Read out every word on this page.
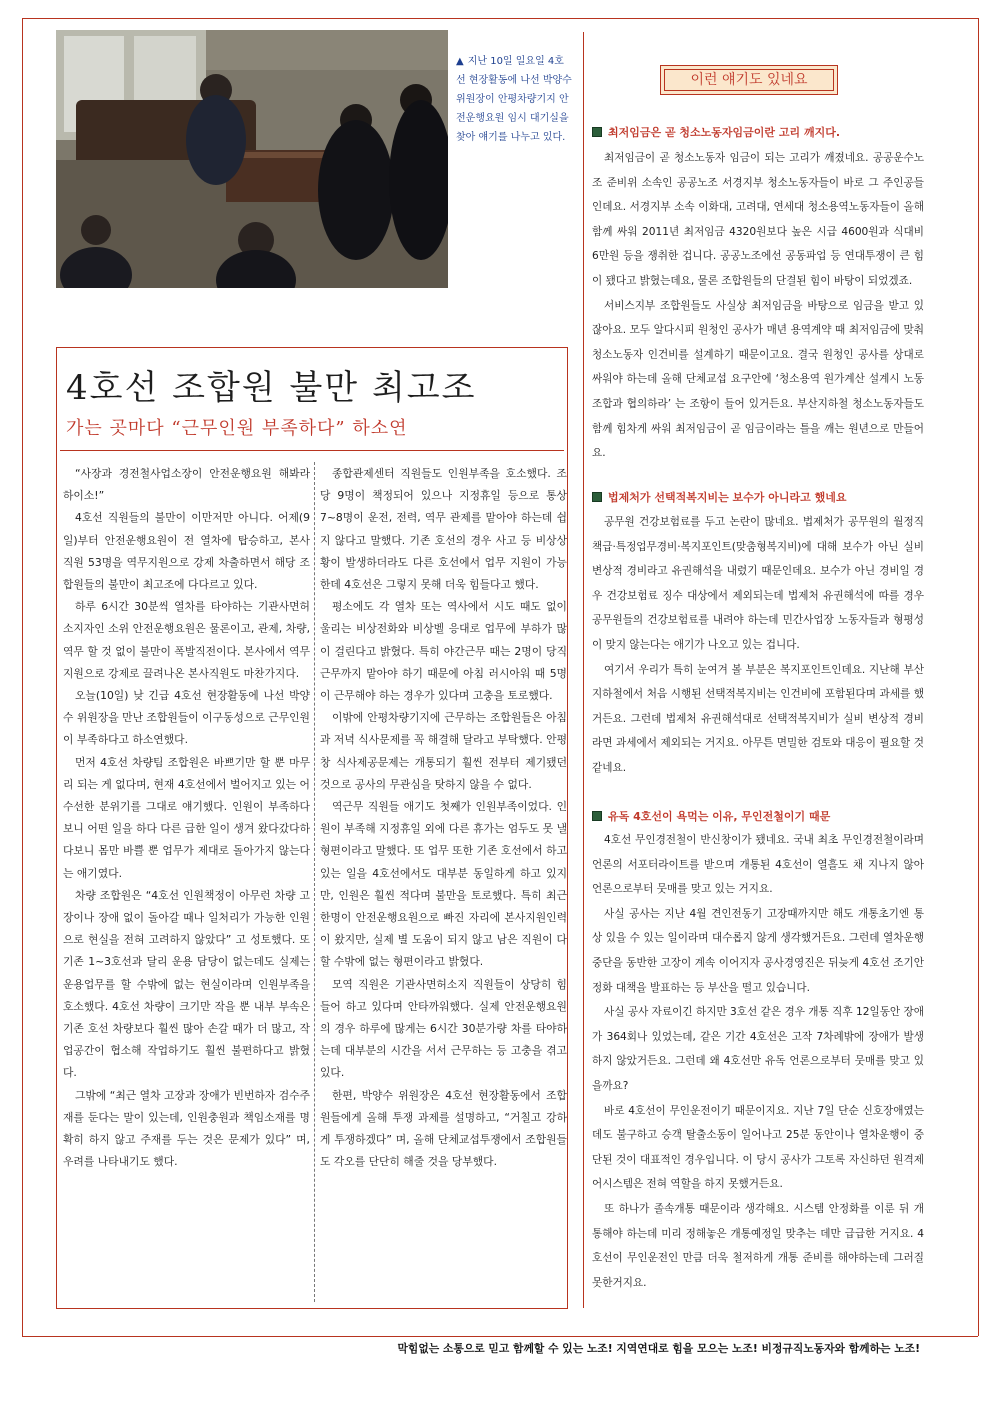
▲ 지난 10일 일요일 4호선 현장활동에 나선 박양수 위원장이 안평차량기지 안전운행요원 임시 대기실을 찾아 얘기를 나누고 있다.
4호선 조합원 불만 최고조
가는 곳마다 “근무인원 부족하다” 하소연

“사장과 경전철사업소장이 안전운행요원 해봐라 하이소!”

4호선 직원들의 불만이 이만저만 아니다. 어제(9일)부터 안전운행요원이 전 열차에 탑승하고, 본사 직원 53명을 역무지원으로 강제 차출하면서 해당 조합원들의 불만이 최고조에 다다르고 있다.

하루 6시간 30분씩 열차를 타야하는 기관사면허소지자인 소위 안전운행요원은 물론이고, 관제, 차량, 역무 할 것 없이 불만이 폭발직전이다. 본사에서 역무지원으로 강제로 끌려나온 본사직원도 마찬가지다.

오늘(10일) 낮 긴급 4호선 현장활동에 나선 박양수 위원장을 만난 조합원들이 이구동성으로 근무인원이 부족하다고 하소연했다.

먼저 4호선 차량팀 조합원은 바쁘기만 할 뿐 마무리 되는 게 없다며, 현재 4호선에서 벌어지고 있는 어수선한 분위기를 그대로 얘기했다. 인원이 부족하다보니 어떤 일을 하다 다른 급한 일이 생겨 왔다갔다하다보니 몸만 바쁠 뿐 업무가 제대로 돌아가지 않는다는 애기였다.

차량 조합원은 “4호선 인원책정이 아무런 차량 고장이나 장애 없이 돌아갈 때나 일처리가 가능한 인원으로 현실을 전혀 고려하지 않았다” 고 성토했다. 또 기존 1~3호선과 달리 운용 담당이 없는데도 실제는 운용업무를 할 수밖에 없는 현실이라며 인원부족을 호소했다. 4호선 차량이 크기만 작을 뿐 내부 부속은 기존 호선 차량보다 훨씬 많아 손갈 때가 더 많고, 작업공간이 협소해 작업하기도 훨씬 불편하다고 밝혔다.

그밖에 “최근 열차 고장과 장애가 빈번하자 검수주재를 둔다는 말이 있는데, 인원충원과 책임소재를 명확히 하지 않고 주재를 두는 것은 문제가 있다” 며, 우려를 나타내기도 했다.

종합관제센터 직원들도 인원부족을 호소했다. 조당 9명이 책정되어 있으나 지정휴일 등으로 통상 7~8명이 운전, 전력, 역무 관제를 맡아야 하는데 쉽지 않다고 말했다. 기존 호선의 경우 사고 등 비상상황이 발생하더라도 다른 호선에서 업무 지원이 가능한데 4호선은 그렇지 못해 더욱 힘들다고 했다.

평소에도 각 열차 또는 역사에서 시도 때도 없이 울리는 비상전화와 비상벨 응대로 업무에 부하가 많이 걸린다고 밝혔다. 특히 야간근무 때는 2명이 당직근무까지 맡아야 하기 때문에 아침 러시아워 때 5명이 근무해야 하는 경우가 있다며 고충을 토로했다.

이밖에 안평차량기지에 근무하는 조합원들은 아침과 저녁 식사문제를 꼭 해결해 달라고 부탁했다. 안평창 식사제공문제는 개통되기 훨씬 전부터 제기됐던 것으로 공사의 무관심을 탓하지 않을 수 없다.

역근무 직원들 애기도 첫째가 인원부족이었다. 인원이 부족해 지정휴일 외에 다른 휴가는 엄두도 못 낼 형편이라고 말했다. 또 업무 또한 기존 호선에서 하고 있는 일을 4호선에서도 대부분 동일하게 하고 있지만, 인원은 훨씬 적다며 불만을 토로했다. 특히 최근 한명이 안전운행요원으로 빠진 자리에 본사지원인력이 왔지만, 실제 별 도움이 되지 않고 남은 직원이 다 할 수밖에 없는 형편이라고 밝혔다.

모역 직원은 기관사면허소지 직원들이 상당히 힘들어 하고 있다며 안타까워했다. 실제 안전운행요원의 경우 하루에 많게는 6시간 30분가량 차를 타야하는데 대부분의 시간을 서서 근무하는 등 고충을 겪고 있다.

한편, 박양수 위원장은 4호선 현장활동에서 조합원들에게 올해 투쟁 과제를 설명하고, “거칠고 강하게 투쟁하겠다” 며, 올해 단체교섭투쟁에서 조합원들도 각오를 단단히 해줄 것을 당부했다.

이런 얘기도 있네요
최저임금은 곧 청소노동자임금이란 고리 깨지다.

최저임금이 곧 청소노동자 임금이 되는 고리가 깨졌네요. 공공운수노조 준비위 소속인 공공노조 서경지부 청소노동자들이 바로 그 주인공들인데요. 서경지부 소속 이화대, 고려대, 연세대 청소용역노동자들이 올해 함께 싸워 2011년 최저임금 4320원보다 높은 시급 4600원과 식대비 6만원 등을 쟁취한 겁니다. 공공노조에선 공동파업 등 연대투쟁이 큰 힘이 됐다고 밝혔는데요, 물론 조합원들의 단결된 힘이 바탕이 되었겠죠.

서비스지부 조합원들도 사실상 최저임금을 바탕으로 임금을 받고 있잖아요. 모두 알다시피 원청인 공사가 매년 용역계약 때 최저임금에 맞춰 청소노동자 인건비를 설계하기 때문이고요. 결국 원청인 공사를 상대로 싸워야 하는데 올해 단체교섭 요구안에 ‘청소용역 원가계산 설계시 노동조합과 협의하라’ 는 조항이 들어 있거든요. 부산지하철 청소노동자들도 함께 힘차게 싸워 최저임금이 곧 임금이라는 틀을 깨는 원년으로 만들어요.

법제처가 선택적복지비는 보수가 아니라고 했네요

공무원 건강보험료를 두고 논란이 많네요. 법제처가 공무원의 월정직책급·특정업무경비·복지포인트(맞춤형복지비)에 대해 보수가 아닌 실비 변상적 경비라고 유권해석을 내렸기 때문인데요. 보수가 아닌 경비일 경우 건강보험료 징수 대상에서 제외되는데 법제처 유권해석에 따를 경우 공무원들의 건강보험료를 내려야 하는데 민간사업장 노동자들과 형평성이 맞지 않는다는 애기가 나오고 있는 겁니다.

여기서 우리가 특히 눈여겨 볼 부분은 복지포인트인데요. 지난해 부산지하철에서 처음 시행된 선택적복지비는 인건비에 포함된다며 과세를 했거든요. 그런데 법제처 유권해석대로 선택적복지비가 실비 변상적 경비라면 과세에서 제외되는 거지요. 아무튼 면밀한 검토와 대응이 필요할 것 같네요.

유독 4호선이 욕먹는 이유, 무인전철이기 때문

4호선 무인경전철이 반신창이가 됐네요. 국내 최초 무인경전철이라며 언론의 서포터라이트를 받으며 개통된 4호선이 열흘도 채 지나지 않아 언론으로부터 뭇매를 맞고 있는 거지요.

사실 공사는 지난 4월 견인전동기 고장때까지만 해도 개통초기엔 통상 있을 수 있는 일이라며 대수롭지 않게 생각했거든요. 그런데 열차운행중단을 동반한 고장이 계속 이어지자 공사경영진은 뒤늦게 4호선 조기안정화 대책을 발표하는 등 부산을 떨고 있습니다.

사실 공사 자료이긴 하지만 3호선 같은 경우 개통 직후 12일동안 장애가 364회나 있었는데, 같은 기간 4호선은 고작 7차례밖에 장애가 발생하지 않았거든요. 그런데 왜 4호선만 유독 언론으로부터 뭇매를 맞고 있을까요?

바로 4호선이 무인운전이기 때문이지요. 지난 7일 단순 신호장애였는데도 불구하고 승객 탈출소동이 일어나고 25분 동안이나 열차운행이 중단된 것이 대표적인 경우입니다. 이 당시 공사가 그토록 자신하던 원격제어시스템은 전혀 역할을 하지 못했거든요.

또 하나가 졸속개통 때문이라 생각해요. 시스템 안정화를 이룬 뒤 개통해야 하는데 미리 정해놓은 개통예정일 맞추는 데만 급급한 거지요. 4호선이 무인운전인 만큼 더욱 철저하게 개통 준비를 해야하는데 그러질 못한거지요.

막힘없는 소통으로 믿고 함께할 수 있는 노조! 지역연대로 힘을 모으는 노조! 비정규직노동자와 함께하는 노조!
